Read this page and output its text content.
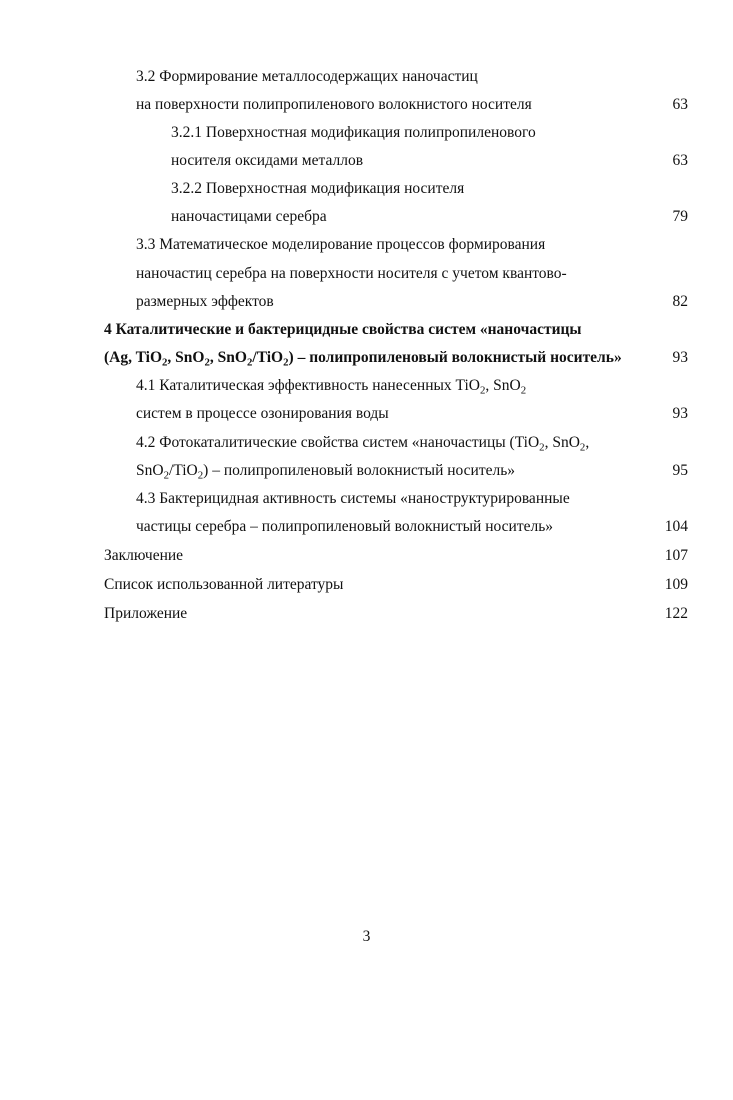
3.2 Формирование металлосодержащих наночастиц
на поверхности полипропиленового волокнистого носителя	63
3.2.1 Поверхностная модификация полипропиленового
носителя оксидами металлов	63
3.2.2 Поверхностная модификация носителя
наночастицами серебра	79
3.3 Математическое моделирование процессов формирования
наночастиц серебра на поверхности носителя с учетом квантово-
размерных эффектов	82
4 Каталитические и бактерицидные свойства систем «наночастицы
(Ag, TiO$_2$, SnO$_2$, SnO$_2$/TiO$_2$) – полипропиленовый волокнистый носитель»	93
4.1 Каталитическая эффективность нанесенных TiO$_2$, SnO$_2$
систем в процессе озонирования воды	93
4.2 Фотокаталитические свойства систем «наночастицы (TiO$_2$, SnO$_2$,
SnO$_2$/TiO$_2$) – полипропиленовый волокнистый носитель»	95
4.3 Бактерицидная активность системы «наноструктурированные
частицы серебра – полипропиленовый волокнистый носитель»	104
Заключение	107
Список использованной литературы	109
Приложение	122
3
